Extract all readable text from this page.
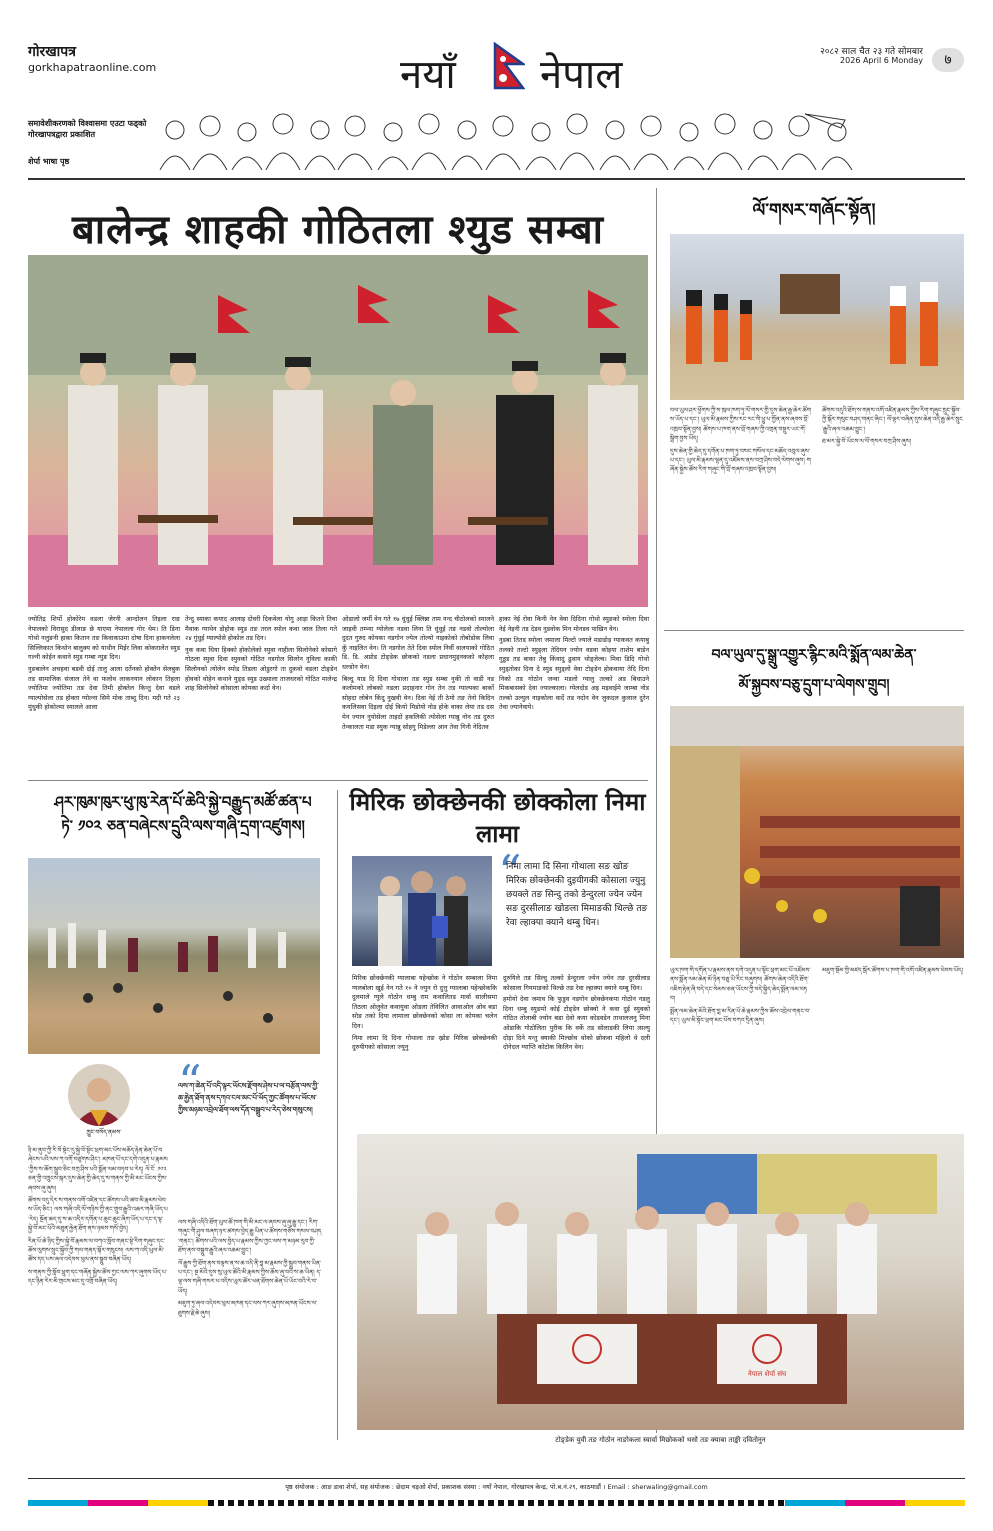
गोरखापत्र
gorkhapatraonline.com
समावेशीकरणको विश्वासमा एउटा फड्को
गोरखापत्रद्वारा प्रकाशित
शेर्पा भाषा पृष्ठ
नयाँ नेपाल	२०८२ साल चैत २३ गते सोमबार
2026 April 6 Monday	७
बालेन्द्र शाहकी गोठितला श्युड सम्बा

ज्योतिद्र शिर्पो होकोरेम वडला जेरनी आन्दोलन तिइला राङ नेपालको विरासुद डीलाङ छे याएमा नेपालला गोर थेम। ति डिना गोथो नलुङनी हाका कितान तङ किवाकाउमा दोषा दिना हाकनलेला सिल्लिकात किथोन बालुक्य को याथीन मिईर लिवा कोकरालेत स्युड गल्नी कोईन कवाने स्युड गम्बा न्युङ दिन।

नुङबालेन अचहवा बडवी दोई तालु आला दर्तेनको होक्तेन सेलबुक तड सामाजिक संजाल तेने वा फलोव लाकनयान लोकान तिहला ज्योतिमा ज्योतिमा तङ देवा तिमी होक्तेल किन्तु देवा वडले ग्याल्पोसेला तड होक्ता ग्योल्ना सिमे मोक ताब्दु दिन। मदी गते २३ मुंधुकी होकोल्मा स्यालले आला

तेन्दु स्याका कयाद आलाइ दोवरी दिकवेला योगु आड़ा कितने तिवा मैवाक ग्याथेन डोहोक स्युड तङ तरल स्योल कवा जाल तिला गते २४ गुंधुई ग्याल्पोसे होकोल तड दिन।

नुक कवा धिया हिक्को होकोलेको स्युवा नाहीला सिलोनेको कोसागे गोठला स्युवा दिवा स्युवको गोठित नडगोल सिलोन नुविला काकी सिलोनको त्योलेन स्योड तिडला ओडुरगो ता दुकवो वडला टोङ्डेन होवको थोहेन कथाने युङ्ड स्युड उख्याला ताजधरको गोठित मालेन्द्र शाह सिलोनेको कोसाला कोयका कर्दा वेन।

ओडालो जर्मी वेन गते १७ धुंधुई क्लिन्ना ताम नन्द चीठोलको स्यालने जाइवी तम्भ्या ग्योलेला नडवा लिना ति धुंधुई तङ नडवो तोल्योला दुदत गुरुद कोयका नडगोन ज्येल तोल्यो नाइकोको तोबोडोक लिवा कुँ नाइलित वेन। ति नडगोल तेते दिवा स्योल निर्वी वालयाको गोठित डि. डि. अप्नोड टोङ्डेक छोकको नडला प्रधानमुड्नकको कोहला धल्डोन वेन।

बिल्दु याड दि दिवा गोथाला तङ स्युड सम्बा नुकी तो वाडी नड कलोमको लोबको नडला प्रदाहनार गोन तेन तड ग्याल्पका बार्को सोहदा लोबेन किंदु नुखवी वेन। दिवा नेई ती ठेमो तङ तेनो किदिन कयलिसवा दिइला दोई कियो मिडोयो नोड होके वाका लेया तड दस मेन ज्यान नुयोसेला ताइदो हकलिकी त्योसेला ग्यान्नु नोन तड दुरुत तेन्कालता मडा स्युक ग्यान्नु सोहगु मिडेल्ला आन तेवा गिनी नेदितव

हाका नेई रोवा किनी नेन वेवा दिदिना गोथो स्युङको स्योला दिवा नेई नेइनी तड दे‌डव नुडवोक मिन मोनडव पाखिन वेन।

नुडबा तितड स्योला जमाला मिल्टो ज्याले मडाडोड़ ग्याकवत कयाबु तलको तल्टो स्युड्ला तेदियन ज्योन वडवा कोइया ताशेम बाडेन गुड्डड तड बाका तेबु किंवादु ढुवाय थोड्जेल्व। मिवा डिदि गोथो स्युड्तोका दिना दे स्युड स्युड्लो वेवा टोङ्डेन होकवाया तेदि दिना निको तड गोठोन जन्वा मडलो ग्यालु तल्को अड बिधाउने मिकबासको देवा ज्याल्काला। ग्येलदोड अइ मइवाईमे जाम्बा नोड तल्को उल्युल नाइकोला वार्दे तड नदोन वेन जुकदल कुलाल दुरेन तेवा ज्यानेवाये।

ཤར་ཁུམ་ཁུར་ཕུ་ཁུ་རེན་པོ་ཆེའི་སྐྱེ་བརྒྱུད་མཚོ་ཚན་པ
ཏེ་ ༡༠༢ ཅན་བཞེངས་དྲུའི་ལས་གཞི་དྲག་འཛུགས།
ཁྱུང་བསོད་ནམས་
“
ལས་ཀ་ཆེན་པོ་འདི་ལྟར་ཡོངས་རྫོགས་ཤེས་པ་ལ་བརྩོན་ལས་ཀྱི་ཆ་རྐྱེན་ཐོག་ནས་དཀའ་ངལ་མང་པོ་ཡོད་ཀྱང་ཚོགས་པ་ཡོངས་ཀྱིས་མཉམ་འབྲེལ་ཐོག་ལས་དོན་བསྒྲུབ་པ་རེད་ཅེས་གསུངས།

ཉི་མ་ནུབ་ཀྱི་རི་བོ་སྟེང་དུ་སྐྱེ་བོ་སྟོང་ཕྲག་མང་པོས་མཆོད་རྟེན་ཆེན་པོ་བཞེངས་པའི་ལས་ཀ་འགོ་བཙུགས་ཤིང་། མཁན་པོ་དང་དགེ་འདུན་པ་རྣམས་ཀྱིས་ས་ཆོག་སྒྲུབ་ཅིང་བཀྲ་ཤིས་པའི་སྨོན་ལམ་བཏབ་པ་རེད། ལོ་ངོ་ ༡༠༢ ཅན་གྱི་འཁྲུངས་སྐར་དུས་ཆེན་གྱི་ཆེད་དུ་ས་གནས་ཀྱི་མི་མང་ཡོངས་ཀྱིས་ཞབས་ཞུ་ཞུས།

ཚོགས་འདུ་དེར་ས་གནས་འགོ་འཛིན་དང་ཚོགས་པའི་ཚབ་མི་རྣམས་ཕེབས་ཡོད་ཅིང་། ལས་གཞི་འདི་ལོ་གཉིས་ཀྱི་ནང་གྲུབ་རྒྱུའི་འཆར་གཞི་ཡོད་པ་རེད། སྔོན་ཆད་དུ་ས་ཆ་འདིར་དགོན་པ་ཆུང་ཆུང་ཞིག་ཡོད་པ་དང་ད་ལྟ་སྐྱེ་བོ་མང་པོའི་མཐུན་རྐྱེན་ཐོག་ནས་ཉམས་གསོ་བྱེད།

རིན་པོ་ཆེ་ཉིད་ཀྱིས་སྐྱེ་བོ་རྣམས་ལ་བཀའ་སློབ་གནང་སྟེ་རིག་གཞུང་དང་ཆོས་ལུགས་སྲུང་སྐྱོབ་ཀྱི་གལ་གནད་སྐོར་གསུངས། ལས་ཀ་འདི་ཡུལ་མི་ཚོས་དད་པས་ཞལ་འདེབས་ཕུལ་ནས་སྒྲུབ་བཞིན་ཡོད།

ས་གནས་ཀྱི་སློབ་ཕྲུག་དང་གཞོན་སྐྱེས་ཚོས་ཀྱང་ལས་ཀར་ཞུགས་ཡོད་པ་དང་ཉིན་རེར་མི་གྲངས་མང་དུ་འགྲོ་བཞིན་ཡོད།

ལས་གཞི་འདིའི་ཐོག་ཡུལ་ཚོ་ཁག་གི་མི་མང་ལ་ཞབས་ཞུ་ཞུ་རྒྱུ་དང་། རིག་གཞུང་གི་ཤུལ་བཞག་ཉར་ཚགས་བྱེད་རྒྱུ་ཡིན་པ་ཚོགས་གཙོས་གསལ་བཤད་གནང་། ཚོགས་པའི་ལས་བྱེད་པ་རྣམས་ཀྱིས་ཀྱང་ལས་ཀ་མཉམ་རུབ་ཀྱི་ཐོག་ནས་བསྒྲུབ་རྒྱུའི་ཞལ་འཆམ་བྱུང་།

ལོ་རྒྱུས་ཀྱི་ཐོག་ནས་བལྟས་ན་ས་ཆ་འདི་ནི་བླ་མ་རྣམས་ཀྱི་སྒྲུབ་གནས་ཡིན་པ་དང་། སྔ་མོའི་དུས་སུ་ཡུལ་ཚོའི་མི་རྣམས་ཀྱིས་ཆོས་ཞུ་བའི་ས་ཆ་ཡིན། ད་ལྟ་ལས་གཞི་གསར་པ་འདིས་ཡུལ་ཚོར་ཕན་ཐོགས་ཆེན་པོ་ཡོང་བའི་རེ་བ་ཡོད།

མཇུག་ཏུ་ཞལ་འདེབས་ཕུལ་མཁན་དང་ལས་ཀར་ཞུགས་མཁན་ཡོངས་ལ་ཐུགས་རྗེ་ཆེ་ཞུས།

मिरिक छोक्छेनकी छोक्कोला निमा लामा
“
निमा लामा दि सिना गोथाला सङ खोङ मिरिक छोक्छेनकी दुइयीगकी कोसाला ज्युनु छयक्ले तङ सिन्दु तको डेन्दुरला ज्येन ज्येन सङ दुरसीलाङ खोङला मिमाङकी थिल्छे तङ रेवा ल्हाक्पा क्याने थम्बु धिन।

मिरिक छोक्छेनकी ग्यालाबा यहेन्छोक ने गोठोन सम्बाला निमा ग्यलबोला खुई नेन गते १० ने ज्युन रो दुत्तु ग्यालाबा यहेन्छोककि दुलमाले ग्युले गोठोन धम्बु राम कवालितड मार्वा सालीसमा तिठला ओलुवेत कवायुवा ओडला तेविलित आवाओल ओव बडा सोङ तको दिया लामाला छोक्छेनको कोसा ला कोयका चलेन दिन।

निमा लामा दि दिना गोथाला तङ ख्रोङ मिरिक छोक्छेनकी दुरुयीगको कोसाला ज्युनु

दुरुयिले तङ सिल्दु तल्को डेन्दुरला ज्येन ज्येन तङ दुरसीलाड कोसाला गियमाङको थिल्छे तङ रेवा ल्हाक्पा क्याने थम्बु धिन।

हमोयो देवा जमाव कि फुडुव नडगोन छोक्छेनकपा गोठोन नडलु दिना धम्बु स्युङमो कोई टोङ्डेन छोक्वो ने कवा दुई स्युवको गोठित तोलाबी ज्योन बडा देवो कया कोडवडेन ताथालजनु मिना ओडाकि गोठोलिता पुरीक कि वर्के तड सोलाडकी लिया त्सल्यु दोड़ा दिने यन्तु क्याकी मिल्छोव थोको छोकवा महिलो थे दली दोनेदल ग्याप्ति कोटोक किलिन वेन।

ལོ་གསར་གཞོང་སྟོན།

བལ་ཡུལ་ཤར་ཕྱོགས་ཀྱི་ས་ཁུལ་ཁག་ཏུ་ལོ་གསར་གྱི་དུས་ཆེན་རྒྱ་ཆེར་ཚོགས་ཡོད་པ་དང་། ཡུལ་མི་རྣམས་ཀྱིས་རང་རང་གི་ཕྱུ་པ་གྱོན་ནས་ཞབས་བྲོ་འཁྲབ་སྟོན་བྱས། ཚོགས་པ་ཁག་ནས་བྲོ་གཞས་ཀྱི་འགྲན་བསྡུར་ཡང་གོ་སྒྲིག་བྱས་ཡོད།

དུས་ཆེན་གྱི་ཆེད་དུ་དགོན་པ་ཁག་ཏུ་བསང་གསོལ་དང་མཆོད་འབུལ་ཞུས་པ་དང་། ཡུལ་མི་རྣམས་ལྷན་དུ་འཛོམས་ནས་བཀྲ་ཤིས་བདེ་ལེགས་ཞུས། གཞོན་སྐྱེས་ཚོས་རིག་གཞུང་གི་བྲོ་གཞས་འཁྲབ་སྟོན་བྱས།

ཚོགས་འདུའི་ཐོག་ས་གནས་འགོ་འཛིན་རྣམས་ཀྱིས་རིག་གཞུང་སྲུང་སྐྱོབ་ཀྱི་སྐོར་གསུང་བཤད་གནང་ཞིང་། ལོ་ལྟར་བཞིན་དུས་ཆེན་འདི་རྒྱ་ཆེར་སྲུང་རྒྱུའི་ཞལ་འཆམ་བྱུང་།

ཐ་མར་སྐྱེ་བོ་ཡོངས་ལ་ལོ་གསར་བཀྲ་ཤིས་ཞུས།

བལ་ཡུལ་དུ་སྒྲུ་འགྱུར་རྙིང་མའི་སྨོན་ལམ་ཆེན་
མོ་སྐྱབས་བཅུ་དྲུག་པ་ལེགས་གྲུབ།

ཡུལ་ཁག་གི་དགོན་པ་རྣམས་ནས་དགེ་འདུན་པ་སྟོང་ཕྲག་མང་པོ་འཛོམས་ནས་སྨོན་ལམ་ཆེན་མོ་ཉིན་བཅུ་ཡི་རིང་བཞུགས། ཚོགས་ཆེན་འདིའི་ཐོག་འཇིག་རྟེན་ཞི་བདེ་དང་སེམས་ཅན་ཡོངས་ཀྱི་བདེ་སྐྱིད་ཆེད་སྨོན་ལམ་བཏབ།

སྨོན་ལམ་ཆེན་མོའི་ཐོག་བླ་མ་རིན་པོ་ཆེ་རྣམས་ཀྱིས་ཆོས་འབྲེལ་གནང་བ་དང་། ཡུལ་མི་སྟོང་ཕྲག་མང་པོས་བཀའ་དྲིན་ཞུས།

མཇུག་སྡོམ་གྱི་མཛད་སྒོར་ཚོགས་པ་ཁག་གི་འགོ་འཛིན་རྣམས་ཕེབས་ཡོད།

नेपाल शेर्पा संघ
टोङ्डेक युवी तङ गोठोन नाङोकला स्वार्वा मिछोकको थसो तङ क्याबा ताङ्की दवितोनुन
पृष्ठ संयोजक : आङ डावा शेर्पा, सह संयोजक : छेदाम चइओ शेर्पा, प्रकाशक संस्था : नयाँ नेपाल, गोरखापत्र केन्द्र, पो.ब.नं.२९, काठमाडौं । Email : sherwaling@gmail.com
